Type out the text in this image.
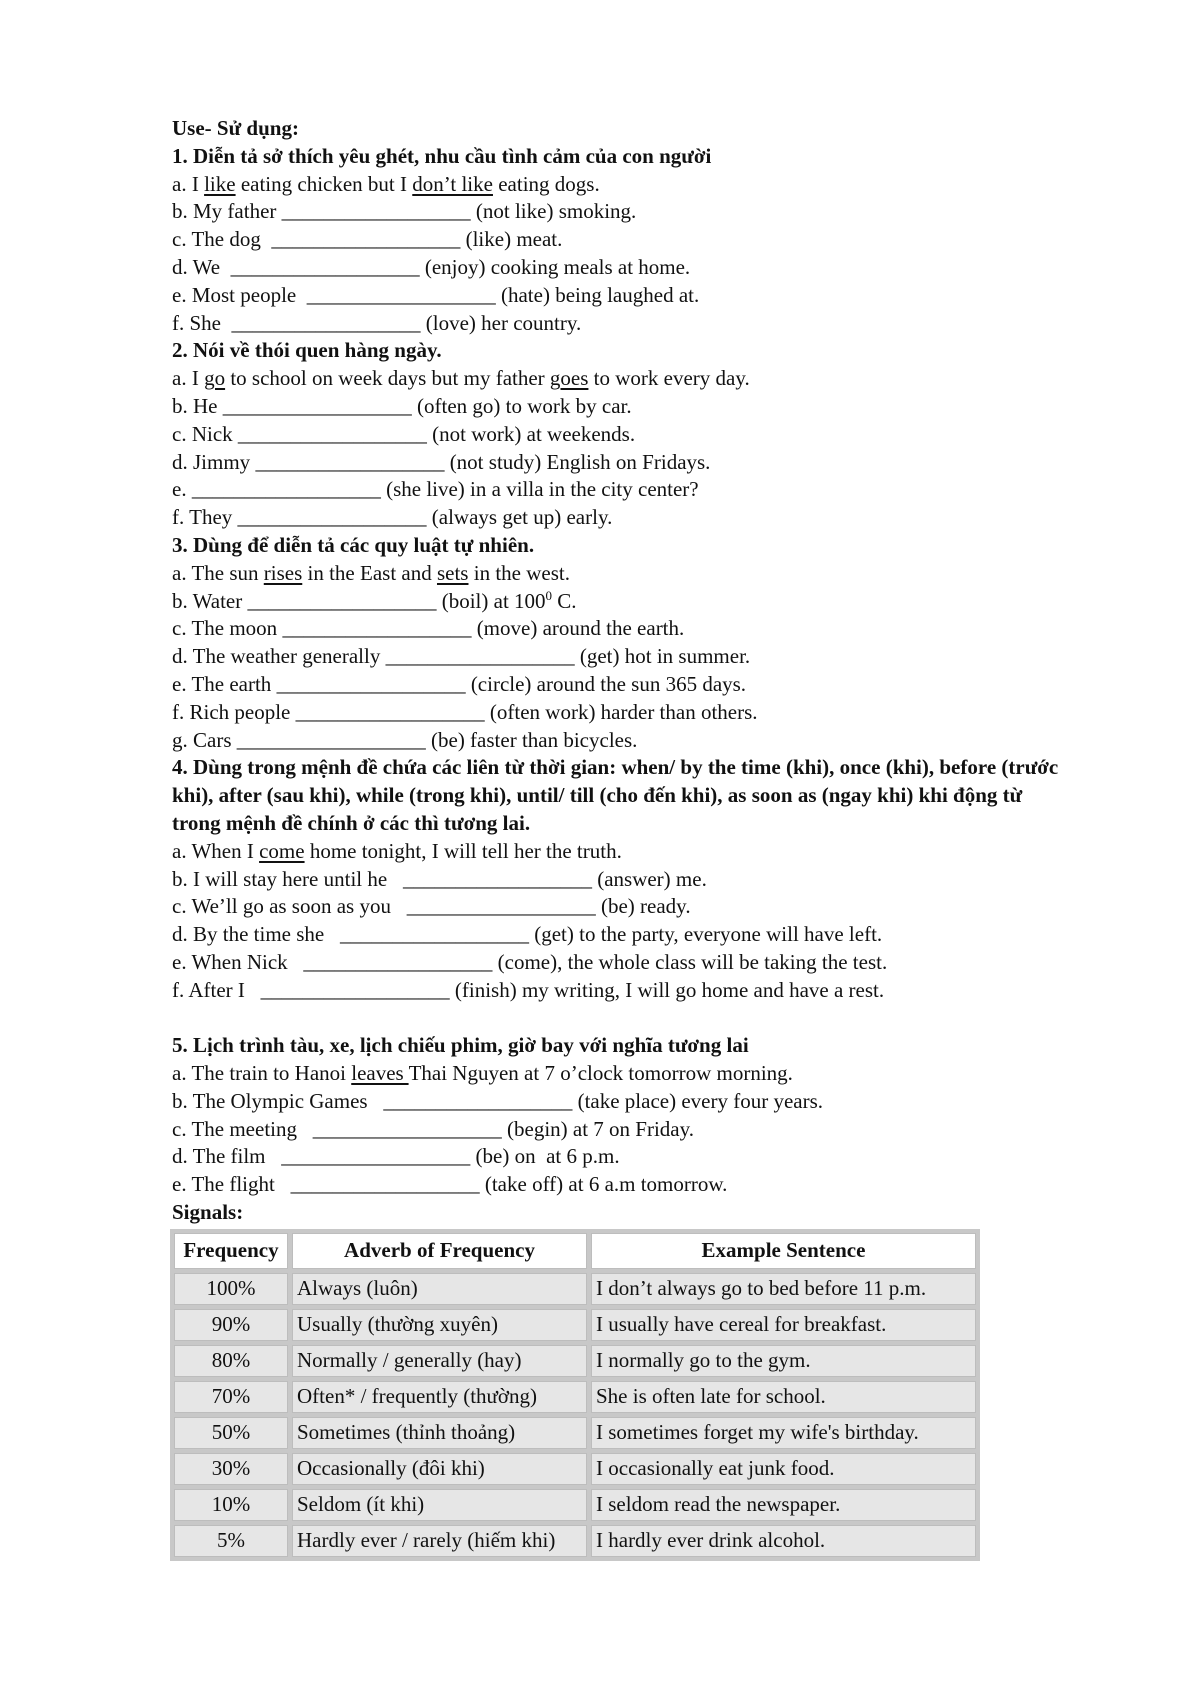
Use- Sử dụng:
1. Diễn tả sở thích yêu ghét, nhu cầu tình cảm của con người
a. I like eating chicken but I don’t like eating dogs.
b. My father __________________ (not like) smoking.
c. The dog  __________________ (like) meat.
d. We  __________________ (enjoy) cooking meals at home.
e. Most people  __________________ (hate) being laughed at.
f. She  __________________ (love) her country.
2. Nói về thói quen hàng ngày.
a. I go to school on week days but my father goes to work every day.
b. He __________________ (often go) to work by car.
c. Nick __________________ (not work) at weekends.
d. Jimmy __________________ (not study) English on Fridays.
e. __________________ (she live) in a villa in the city center?
f. They __________________ (always get up) early.
3. Dùng để diễn tả các quy luật tự nhiên.
a. The sun rises in the East and sets in the west.
b. Water __________________ (boil) at $100^0$ C.
c. The moon __________________ (move) around the earth.
d. The weather generally __________________ (get) hot in summer.
e. The earth __________________ (circle) around the sun 365 days.
f. Rich people __________________ (often work) harder than others.
g. Cars __________________ (be) faster than bicycles.
4. Dùng trong mệnh đề chứa các liên từ thời gian: when/ by the time (khi), once (khi), before (trước khi), after (sau khi), while (trong khi), until/ till (cho đến khi), as soon as (ngay khi) khi động từ trong mệnh đề chính ở các thì tương lai.
a. When I come home tonight, I will tell her the truth.
b. I will stay here until he   __________________ (answer) me.
c. We’ll go as soon as you   __________________ (be) ready.
d. By the time she   __________________ (get) to the party, everyone will have left.
e. When Nick   __________________ (come), the whole class will be taking the test.
f. After I   __________________ (finish) my writing, I will go home and have a rest.
5. Lịch trình tàu, xe, lịch chiếu phim, giờ bay với nghĩa tương lai
a. The train to Hanoi leaves Thai Nguyen at 7 o’clock tomorrow morning.
b. The Olympic Games   __________________ (take place) every four years.
c. The meeting   __________________ (begin) at 7 on Friday.
d. The film   __________________ (be) on  at 6 p.m.
e. The flight   __________________ (take off) at 6 a.m tomorrow.
Signals:
Frequency	Adverb of Frequency	Example Sentence
100%	Always (luôn)	I don’t always go to bed before 11 p.m.
90%	Usually (thường xuyên)	I usually have cereal for breakfast.
80%	Normally / generally (hay)	I normally go to the gym.
70%	Often* / frequently (thường)	She is often late for school.
50%	Sometimes (thỉnh thoảng)	I sometimes forget my wife's birthday.
30%	Occasionally (đôi khi)	I occasionally eat junk food.
10%	Seldom (ít khi)	I seldom read the newspaper.
5%	Hardly ever / rarely (hiếm khi)	I hardly ever drink alcohol.
